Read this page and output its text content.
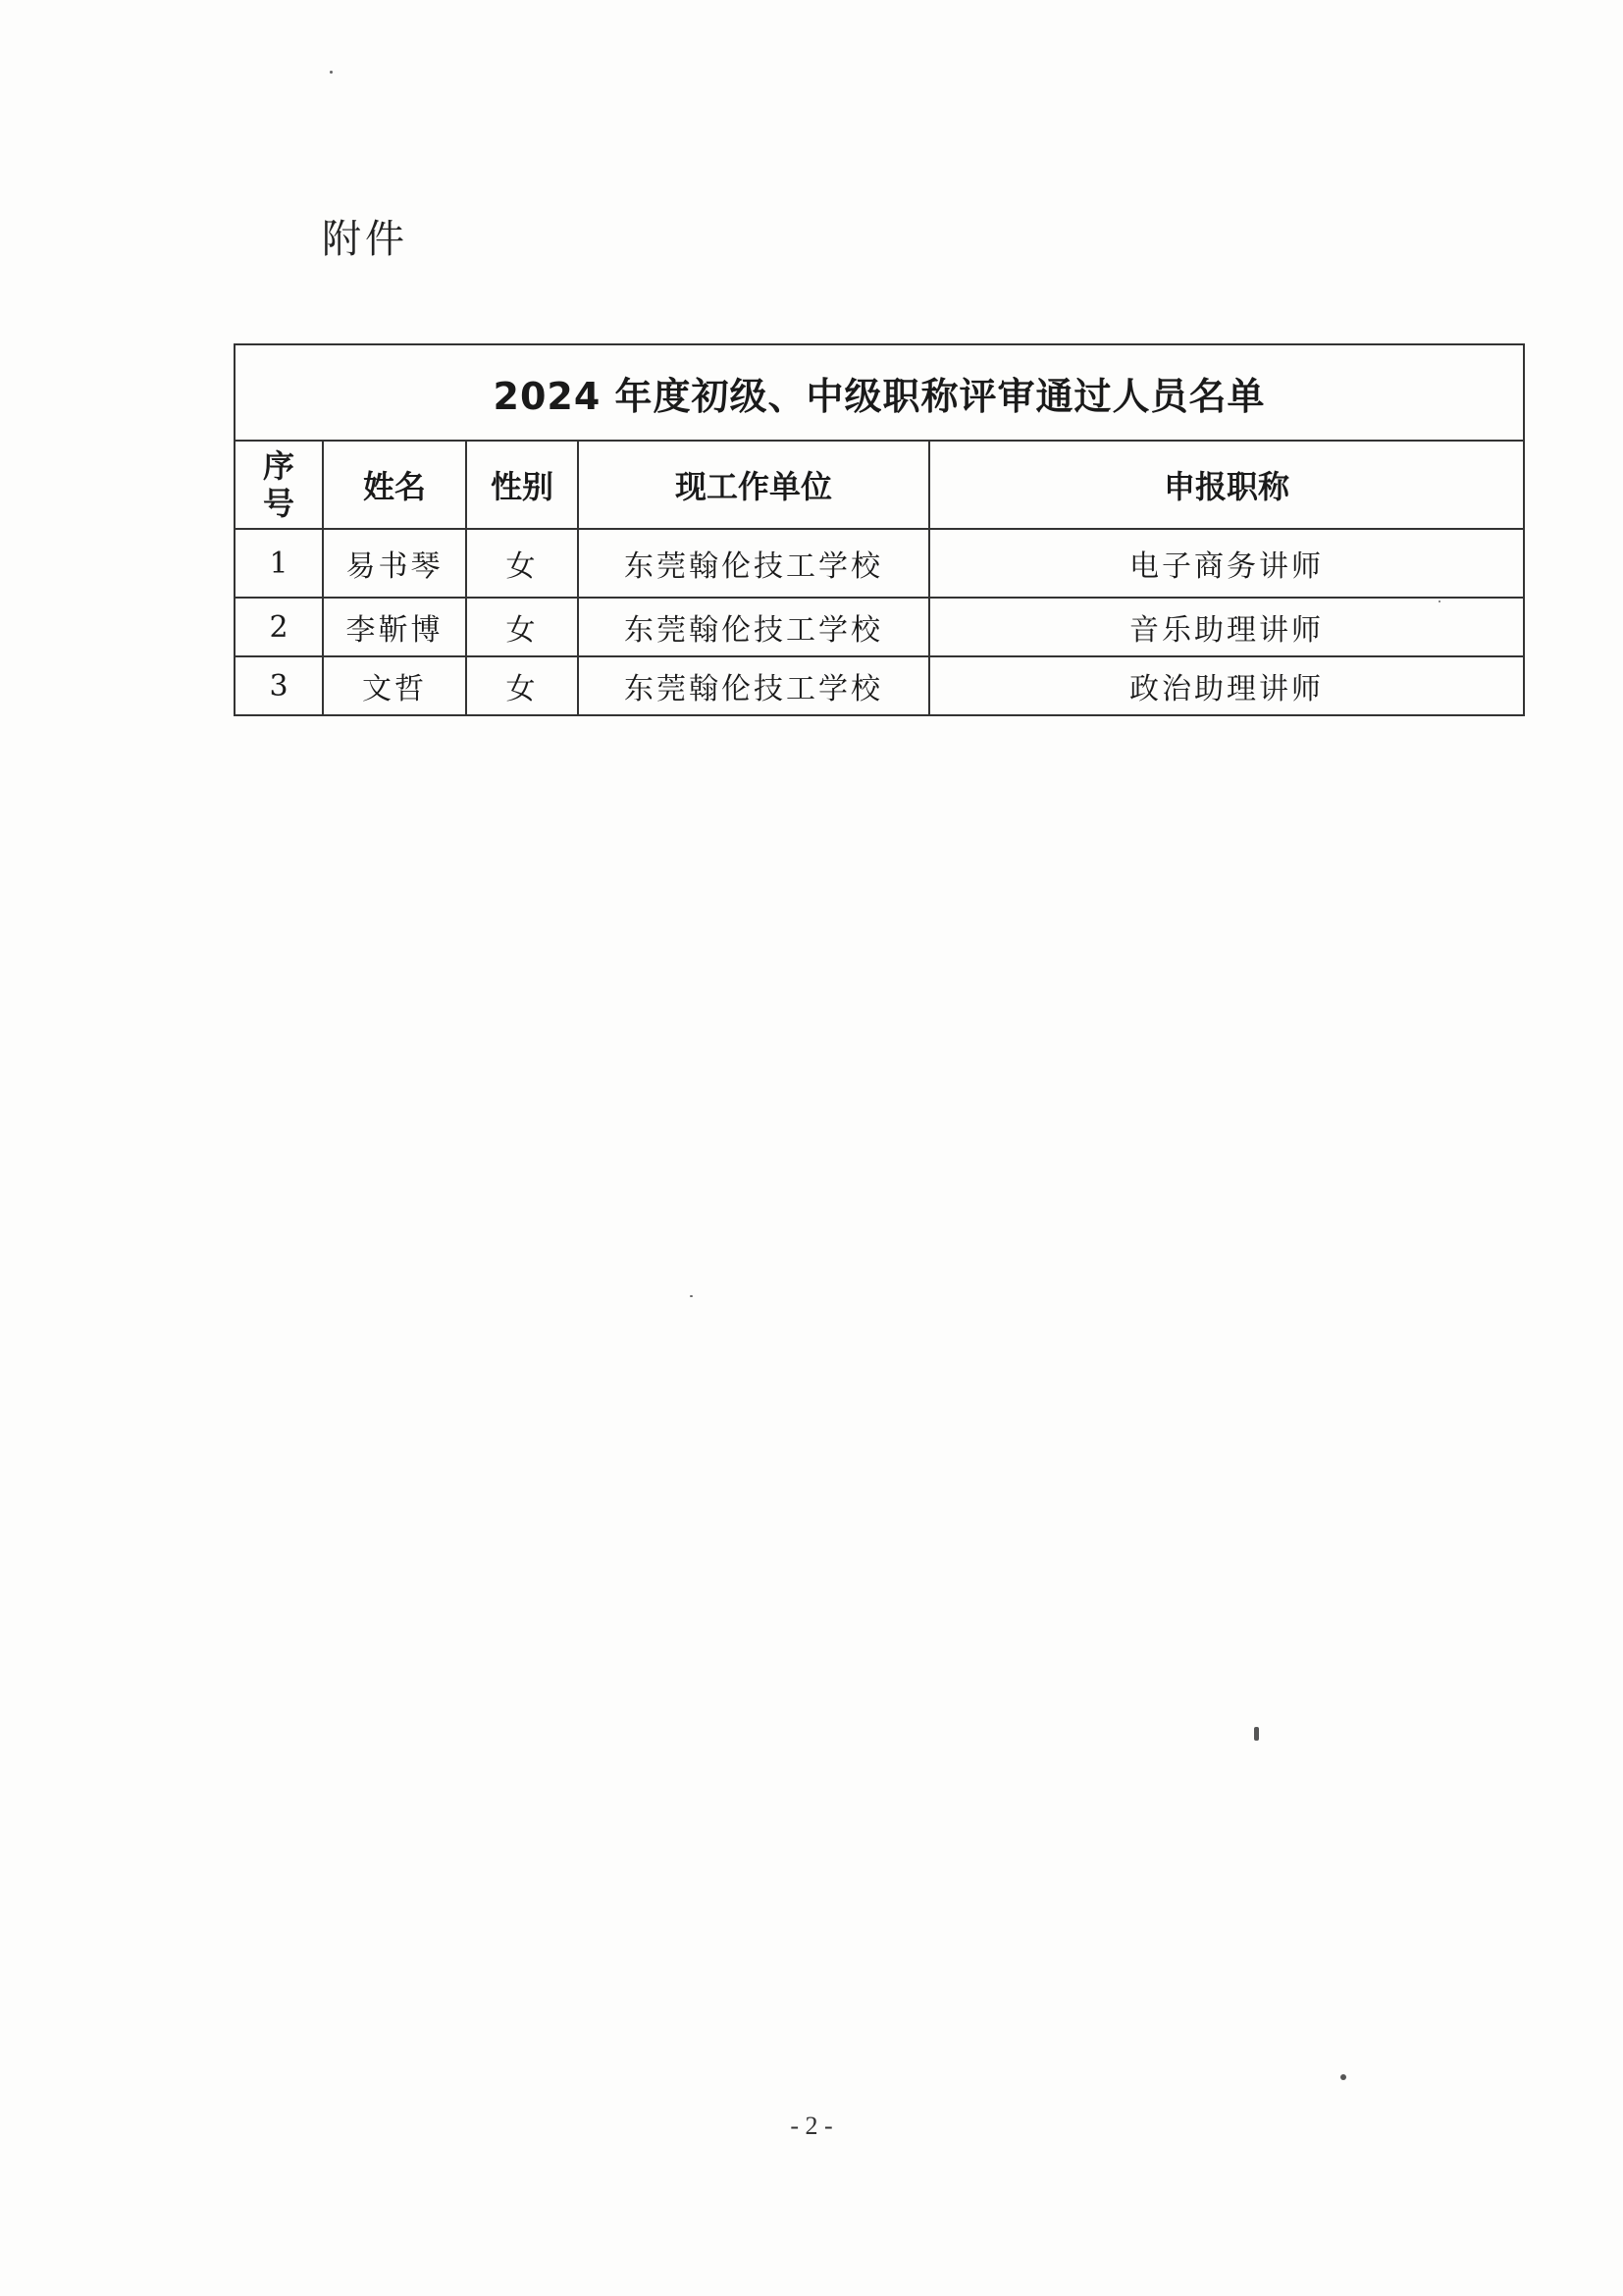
附件
2024 年度初级、中级职称评审通过人员名单				
序
号	姓名	性别	现工作单位	申报职称
1	易书琴	女	东莞翰伦技工学校	电子商务讲师
2	李靳博	女	东莞翰伦技工学校	音乐助理讲师
3	文哲	女	东莞翰伦技工学校	政治助理讲师
- 2 -
